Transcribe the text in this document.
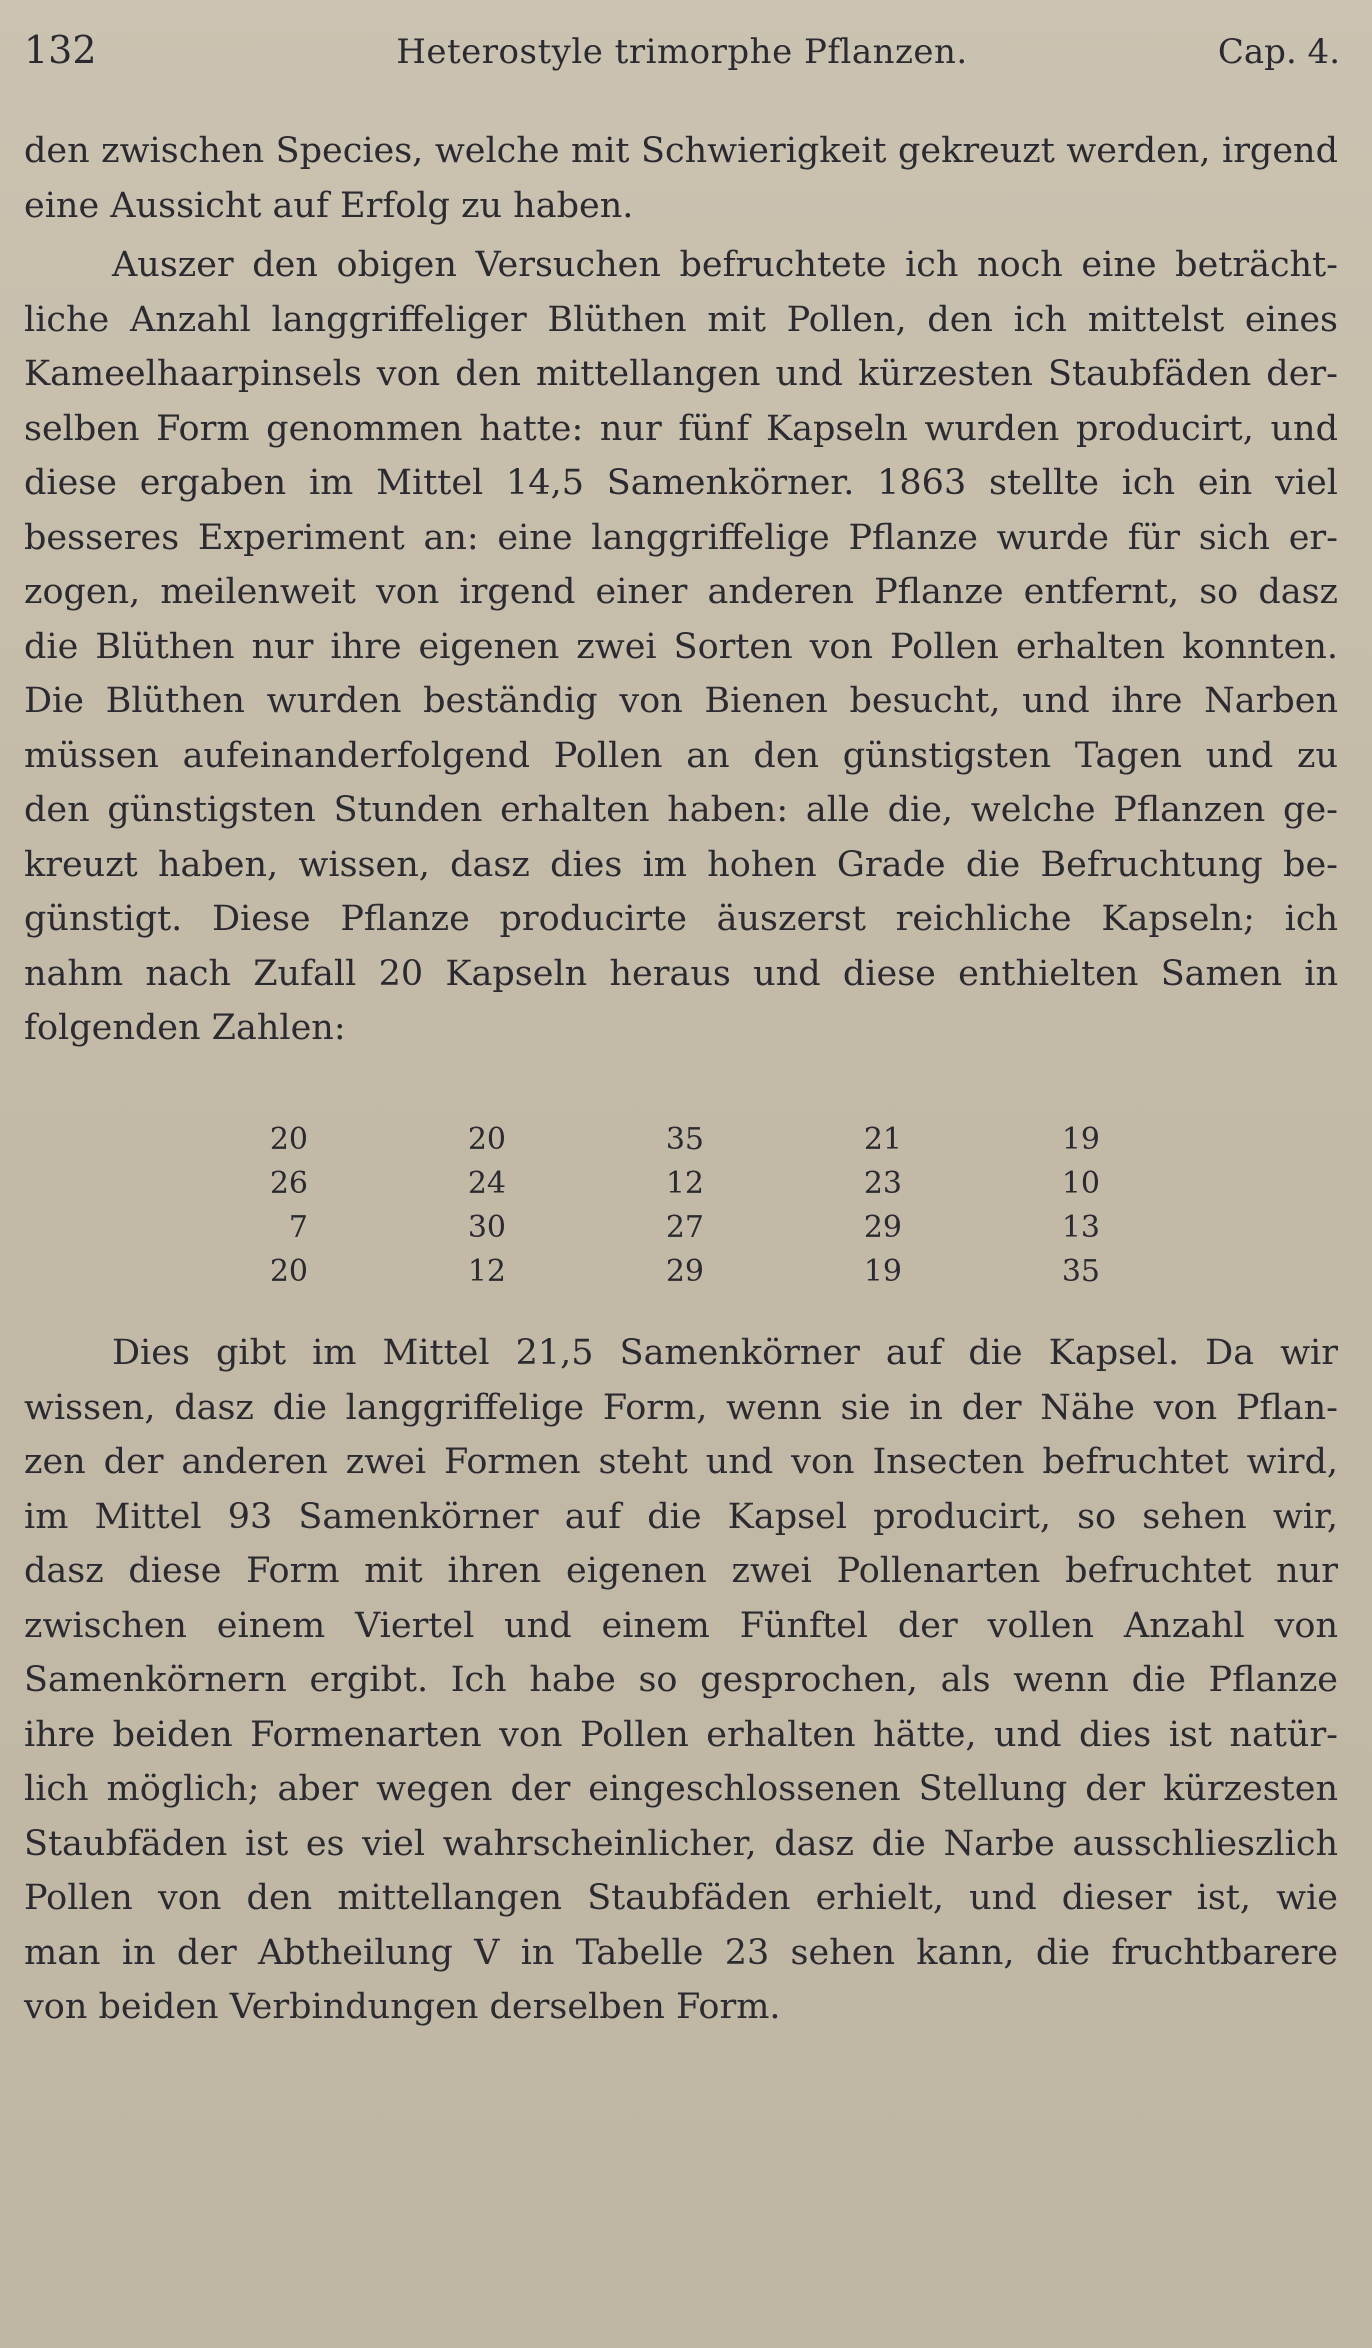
132	Heterostyle trimorphe Pflanzen.	Cap. 4.
den zwischen Species, welche mit Schwierigkeit gekreuzt werden, irgend
eine Aussicht auf Erfolg zu haben.
Auszer den obigen Versuchen befruchtete ich noch eine beträcht-
liche Anzahl langgriffeliger Blüthen mit Pollen, den ich mittelst eines
Kameelhaarpinsels von den mittellangen und kürzesten Staubfäden der-
selben Form genommen hatte: nur fünf Kapseln wurden producirt, und
diese ergaben im Mittel 14,5 Samenkörner. 1863 stellte ich ein viel
besseres Experiment an: eine langgriffelige Pflanze wurde für sich er-
zogen, meilenweit von irgend einer anderen Pflanze entfernt, so dasz
die Blüthen nur ihre eigenen zwei Sorten von Pollen erhalten konnten.
Die Blüthen wurden beständig von Bienen besucht, und ihre Narben
müssen aufeinanderfolgend Pollen an den günstigsten Tagen und zu
den günstigsten Stunden erhalten haben: alle die, welche Pflanzen ge-
kreuzt haben, wissen, dasz dies im hohen Grade die Befruchtung be-
günstigt. Diese Pflanze producirte äuszerst reichliche Kapseln; ich
nahm nach Zufall 20 Kapseln heraus und diese enthielten Samen in
folgenden Zahlen:
20	20	35	21	19
26	24	12	23	10
7	30	27	29	13
20	12	29	19	35
Dies gibt im Mittel 21,5 Samenkörner auf die Kapsel. Da wir
wissen, dasz die langgriffelige Form, wenn sie in der Nähe von Pflan-
zen der anderen zwei Formen steht und von Insecten befruchtet wird,
im Mittel 93 Samenkörner auf die Kapsel producirt, so sehen wir,
dasz diese Form mit ihren eigenen zwei Pollenarten befruchtet nur
zwischen einem Viertel und einem Fünftel der vollen Anzahl von
Samenkörnern ergibt. Ich habe so gesprochen, als wenn die Pflanze
ihre beiden Formenarten von Pollen erhalten hätte, und dies ist natür-
lich möglich; aber wegen der eingeschlossenen Stellung der kürzesten
Staubfäden ist es viel wahrscheinlicher, dasz die Narbe ausschlieszlich
Pollen von den mittellangen Staubfäden erhielt, und dieser ist, wie
man in der Abtheilung V in Tabelle 23 sehen kann, die fruchtbarere
von beiden Verbindungen derselben Form.
